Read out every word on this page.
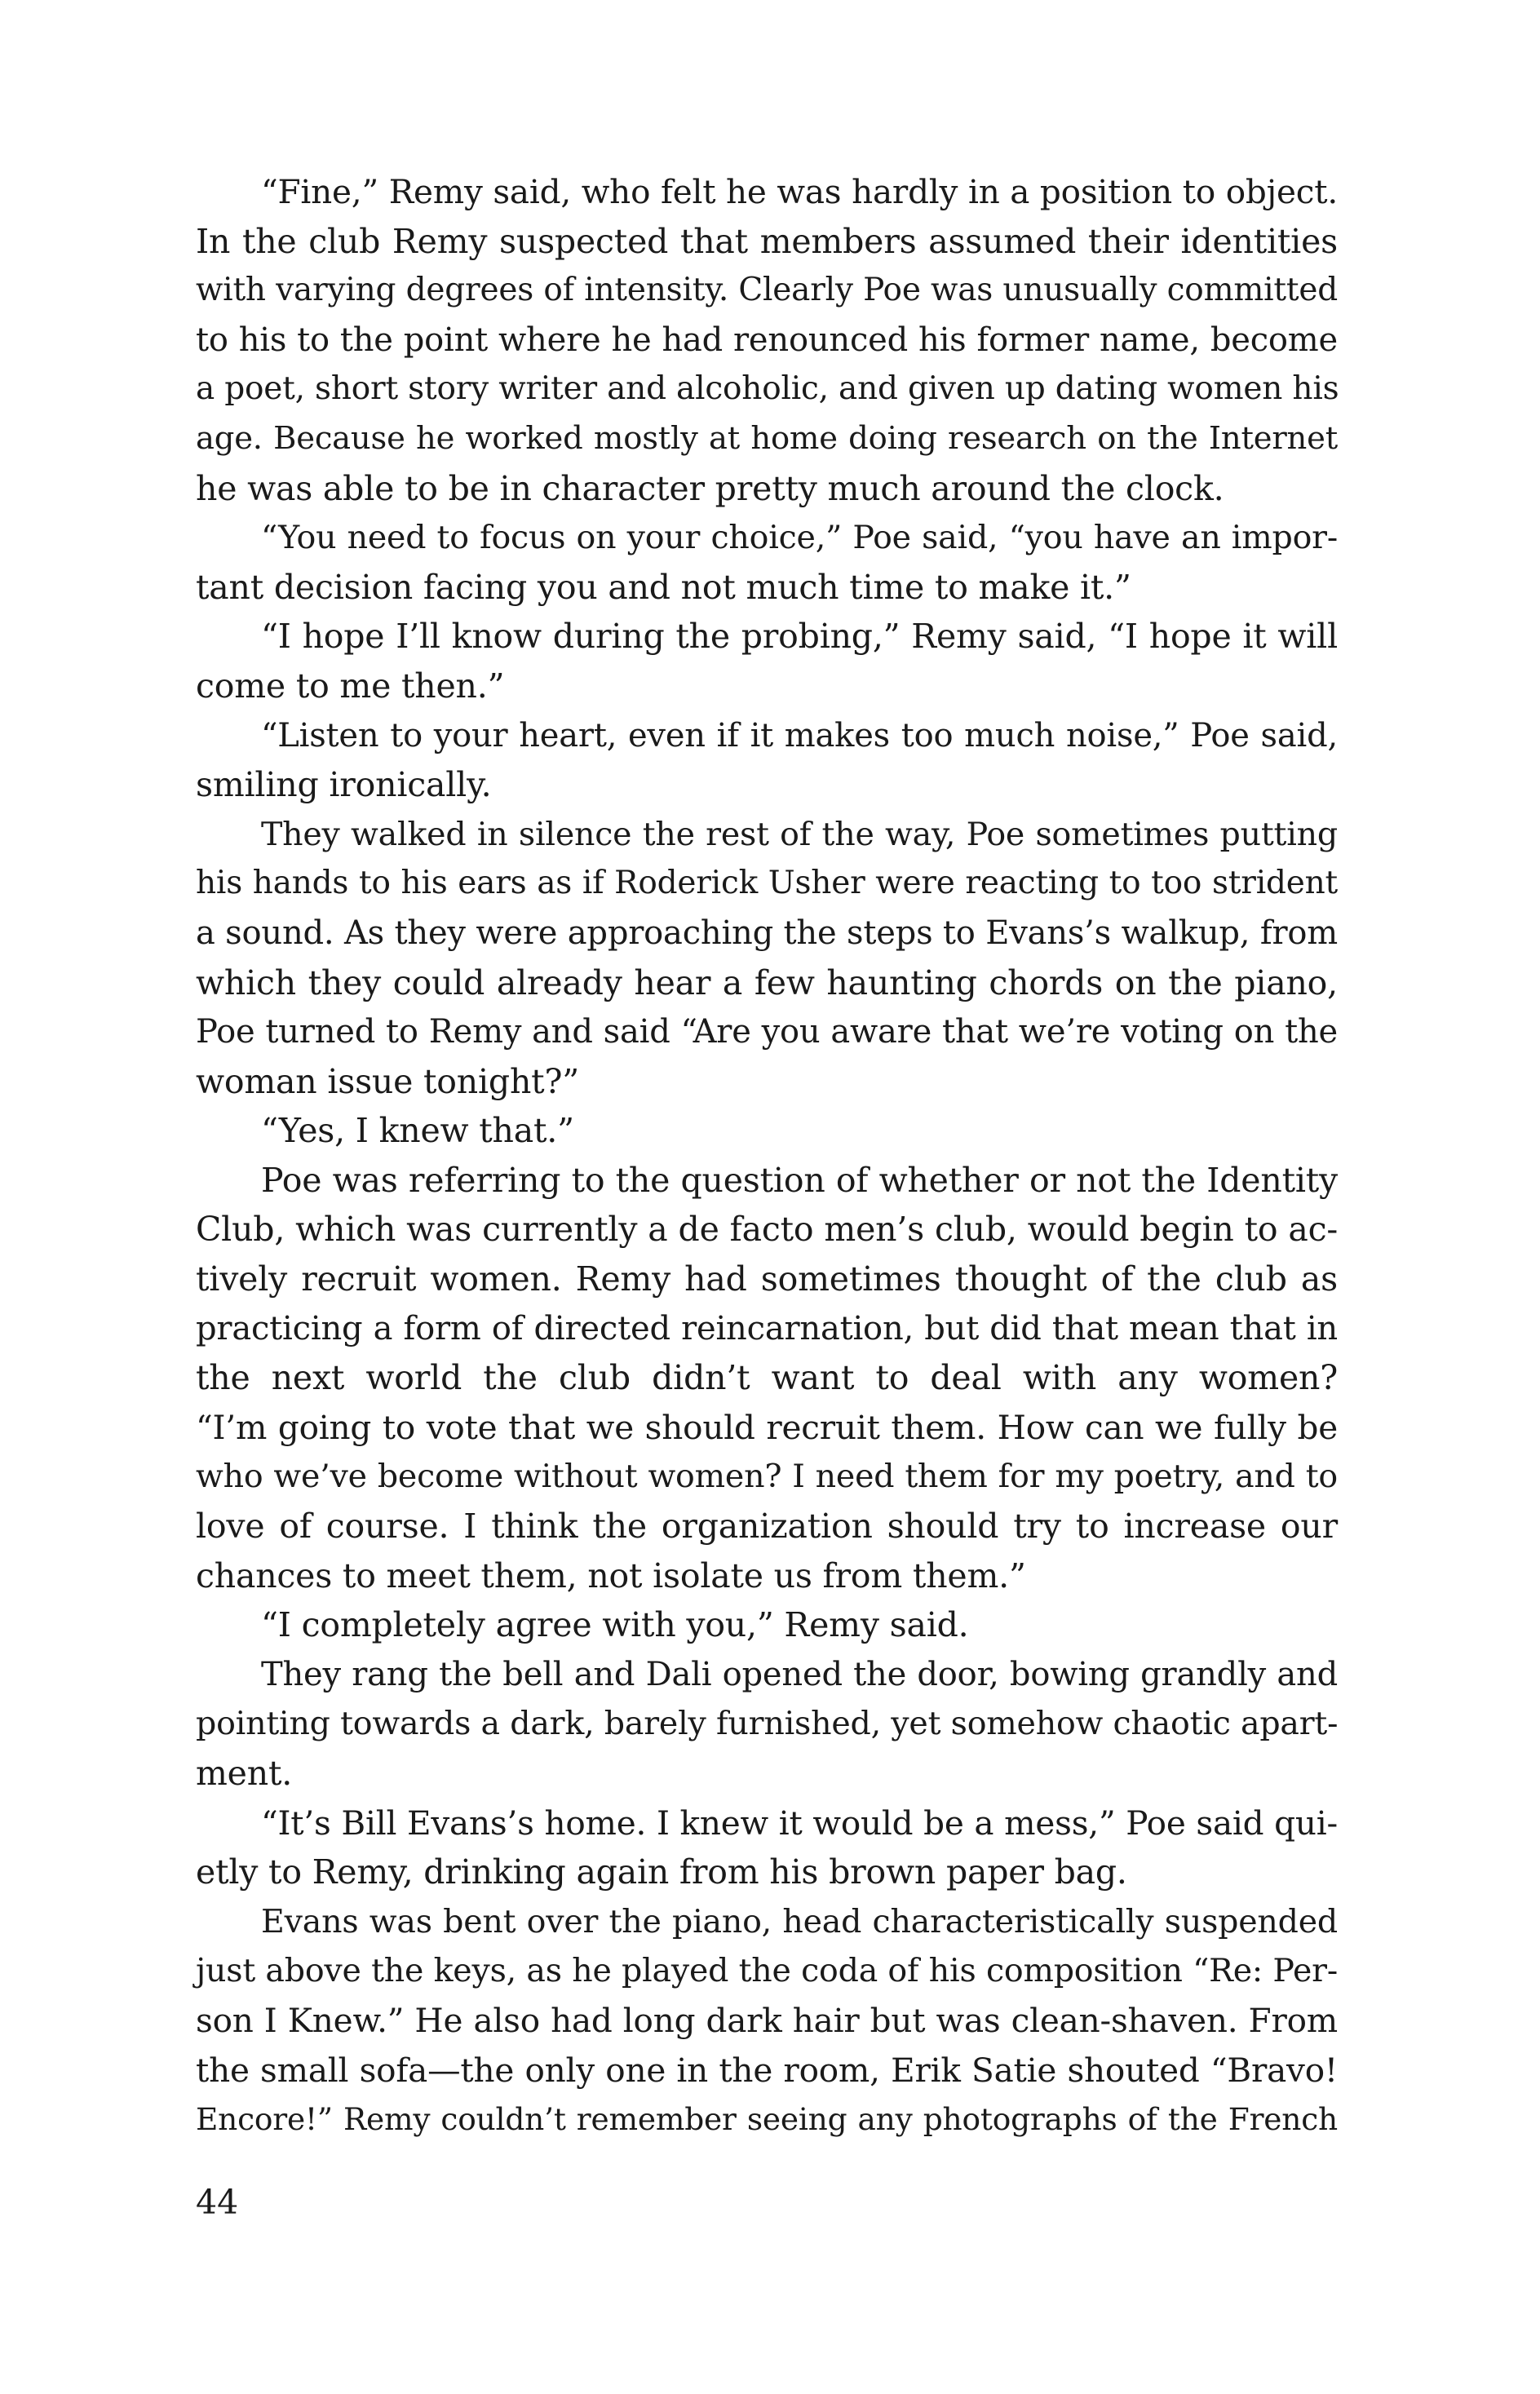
“Fine,” Remy said, who felt he was hardly in a position to object.
In the club Remy suspected that members assumed their identities
with varying degrees of intensity. Clearly Poe was unusually committed
to his to the point where he had renounced his former name, become
a poet, short story writer and alcoholic, and given up dating women his
age. Because he worked mostly at home doing research on the Internet
he was able to be in character pretty much around the clock.
“You need to focus on your choice,” Poe said, “you have an impor-
tant decision facing you and not much time to make it.”
“I hope I’ll know during the probing,” Remy said, “I hope it will
come to me then.”
“Listen to your heart, even if it makes too much noise,” Poe said,
smiling ironically.
They walked in silence the rest of the way, Poe sometimes putting
his hands to his ears as if Roderick Usher were reacting to too strident
a sound. As they were approaching the steps to Evans’s walkup, from
which they could already hear a few haunting chords on the piano,
Poe turned to Remy and said “Are you aware that we’re voting on the
woman issue tonight?”
“Yes, I knew that.”
Poe was referring to the question of whether or not the Identity
Club, which was currently a de facto men’s club, would begin to ac-
tively recruit women. Remy had sometimes thought of the club as
practicing a form of directed reincarnation, but did that mean that in
the next world the club didn’t want to deal with any women?
“I’m going to vote that we should recruit them. How can we fully be
who we’ve become without women? I need them for my poetry, and to
love of course. I think the organization should try to increase our
chances to meet them, not isolate us from them.”
“I completely agree with you,” Remy said.
They rang the bell and Dali opened the door, bowing grandly and
pointing towards a dark, barely furnished, yet somehow chaotic apart-
ment.
“It’s Bill Evans’s home. I knew it would be a mess,” Poe said qui-
etly to Remy, drinking again from his brown paper bag.
Evans was bent over the piano, head characteristically suspended
just above the keys, as he played the coda of his composition “Re: Per-
son I Knew.” He also had long dark hair but was clean-shaven. From
the small sofa—the only one in the room, Erik Satie shouted “Bravo!
Encore!” Remy couldn’t remember seeing any photographs of the French
44
